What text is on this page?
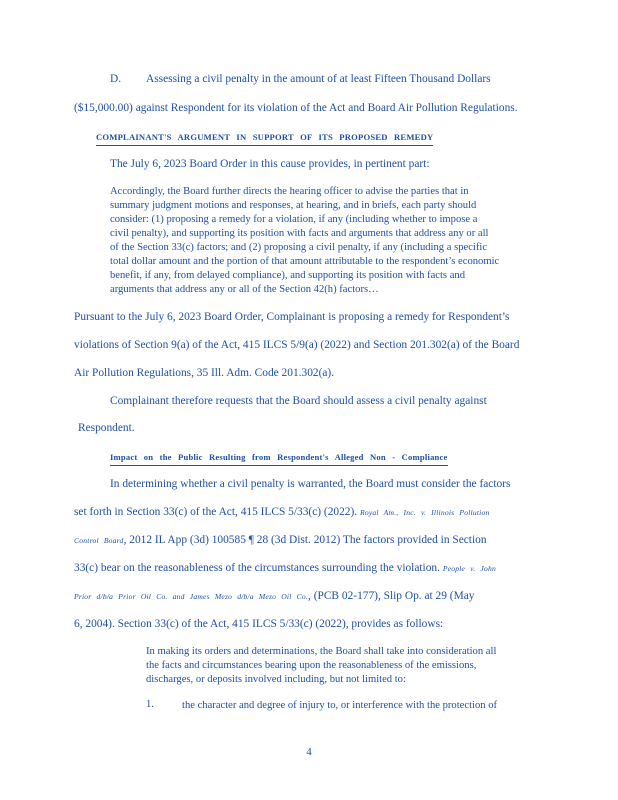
D. Assessing a civil penalty in the amount of at least Fifteen Thousand Dollars
($15,000.00) against Respondent for its violation of the Act and Board Air Pollution Regulations.
COMPLAINANT'S ARGUMENT IN SUPPORT OF ITS PROPOSED REMEDY
The July 6, 2023 Board Order in this cause provides, in pertinent part:
Accordingly, the Board further directs the hearing officer to advise the parties that in
summary judgment motions and responses, at hearing, and in briefs, each party should
consider: (1) proposing a remedy for a violation, if any (including whether to impose a
civil penalty), and supporting its position with facts and arguments that address any or all
of the Section 33(c) factors; and (2) proposing a civil penalty, if any (including a specific
total dollar amount and the portion of that amount attributable to the respondent’s economic
benefit, if any, from delayed compliance), and supporting its position with facts and
arguments that address any or all of the Section 42(h) factors…
Pursuant to the July 6, 2023 Board Order, Complainant is proposing a remedy for Respondent’s
violations of Section 9(a) of the Act, 415 ILCS 5/9(a) (2022) and Section 201.302(a) of the Board
Air Pollution Regulations, 35 Ill. Adm. Code 201.302(a).
Complainant therefore requests that the Board should assess a civil penalty against
Respondent.
Impact on the Public Resulting from Respondent's Alleged Non - Compliance
In determining whether a civil penalty is warranted, the Board must consider the factors
set forth in Section 33(c) of the Act, 415 ILCS 5/33(c) (2022). Royal Am., Inc. v. Illinois Pollution
Control Board, 2012 IL App (3d) 100585 ¶ 28 (3d Dist. 2012) The factors provided in Section
33(c) bear on the reasonableness of the circumstances surrounding the violation. People v. John
Prior d/b/a Prior Oil Co. and James Mezo d/b/a Mezo Oil Co., (PCB 02-177), Slip Op. at 29 (May
6, 2004). Section 33(c) of the Act, 415 ILCS 5/33(c) (2022), provides as follows:
In making its orders and determinations, the Board shall take into consideration all
the facts and circumstances bearing upon the reasonableness of the emissions,
discharges, or deposits involved including, but not limited to:
1.	the character and degree of injury to, or interference with the protection of
4
